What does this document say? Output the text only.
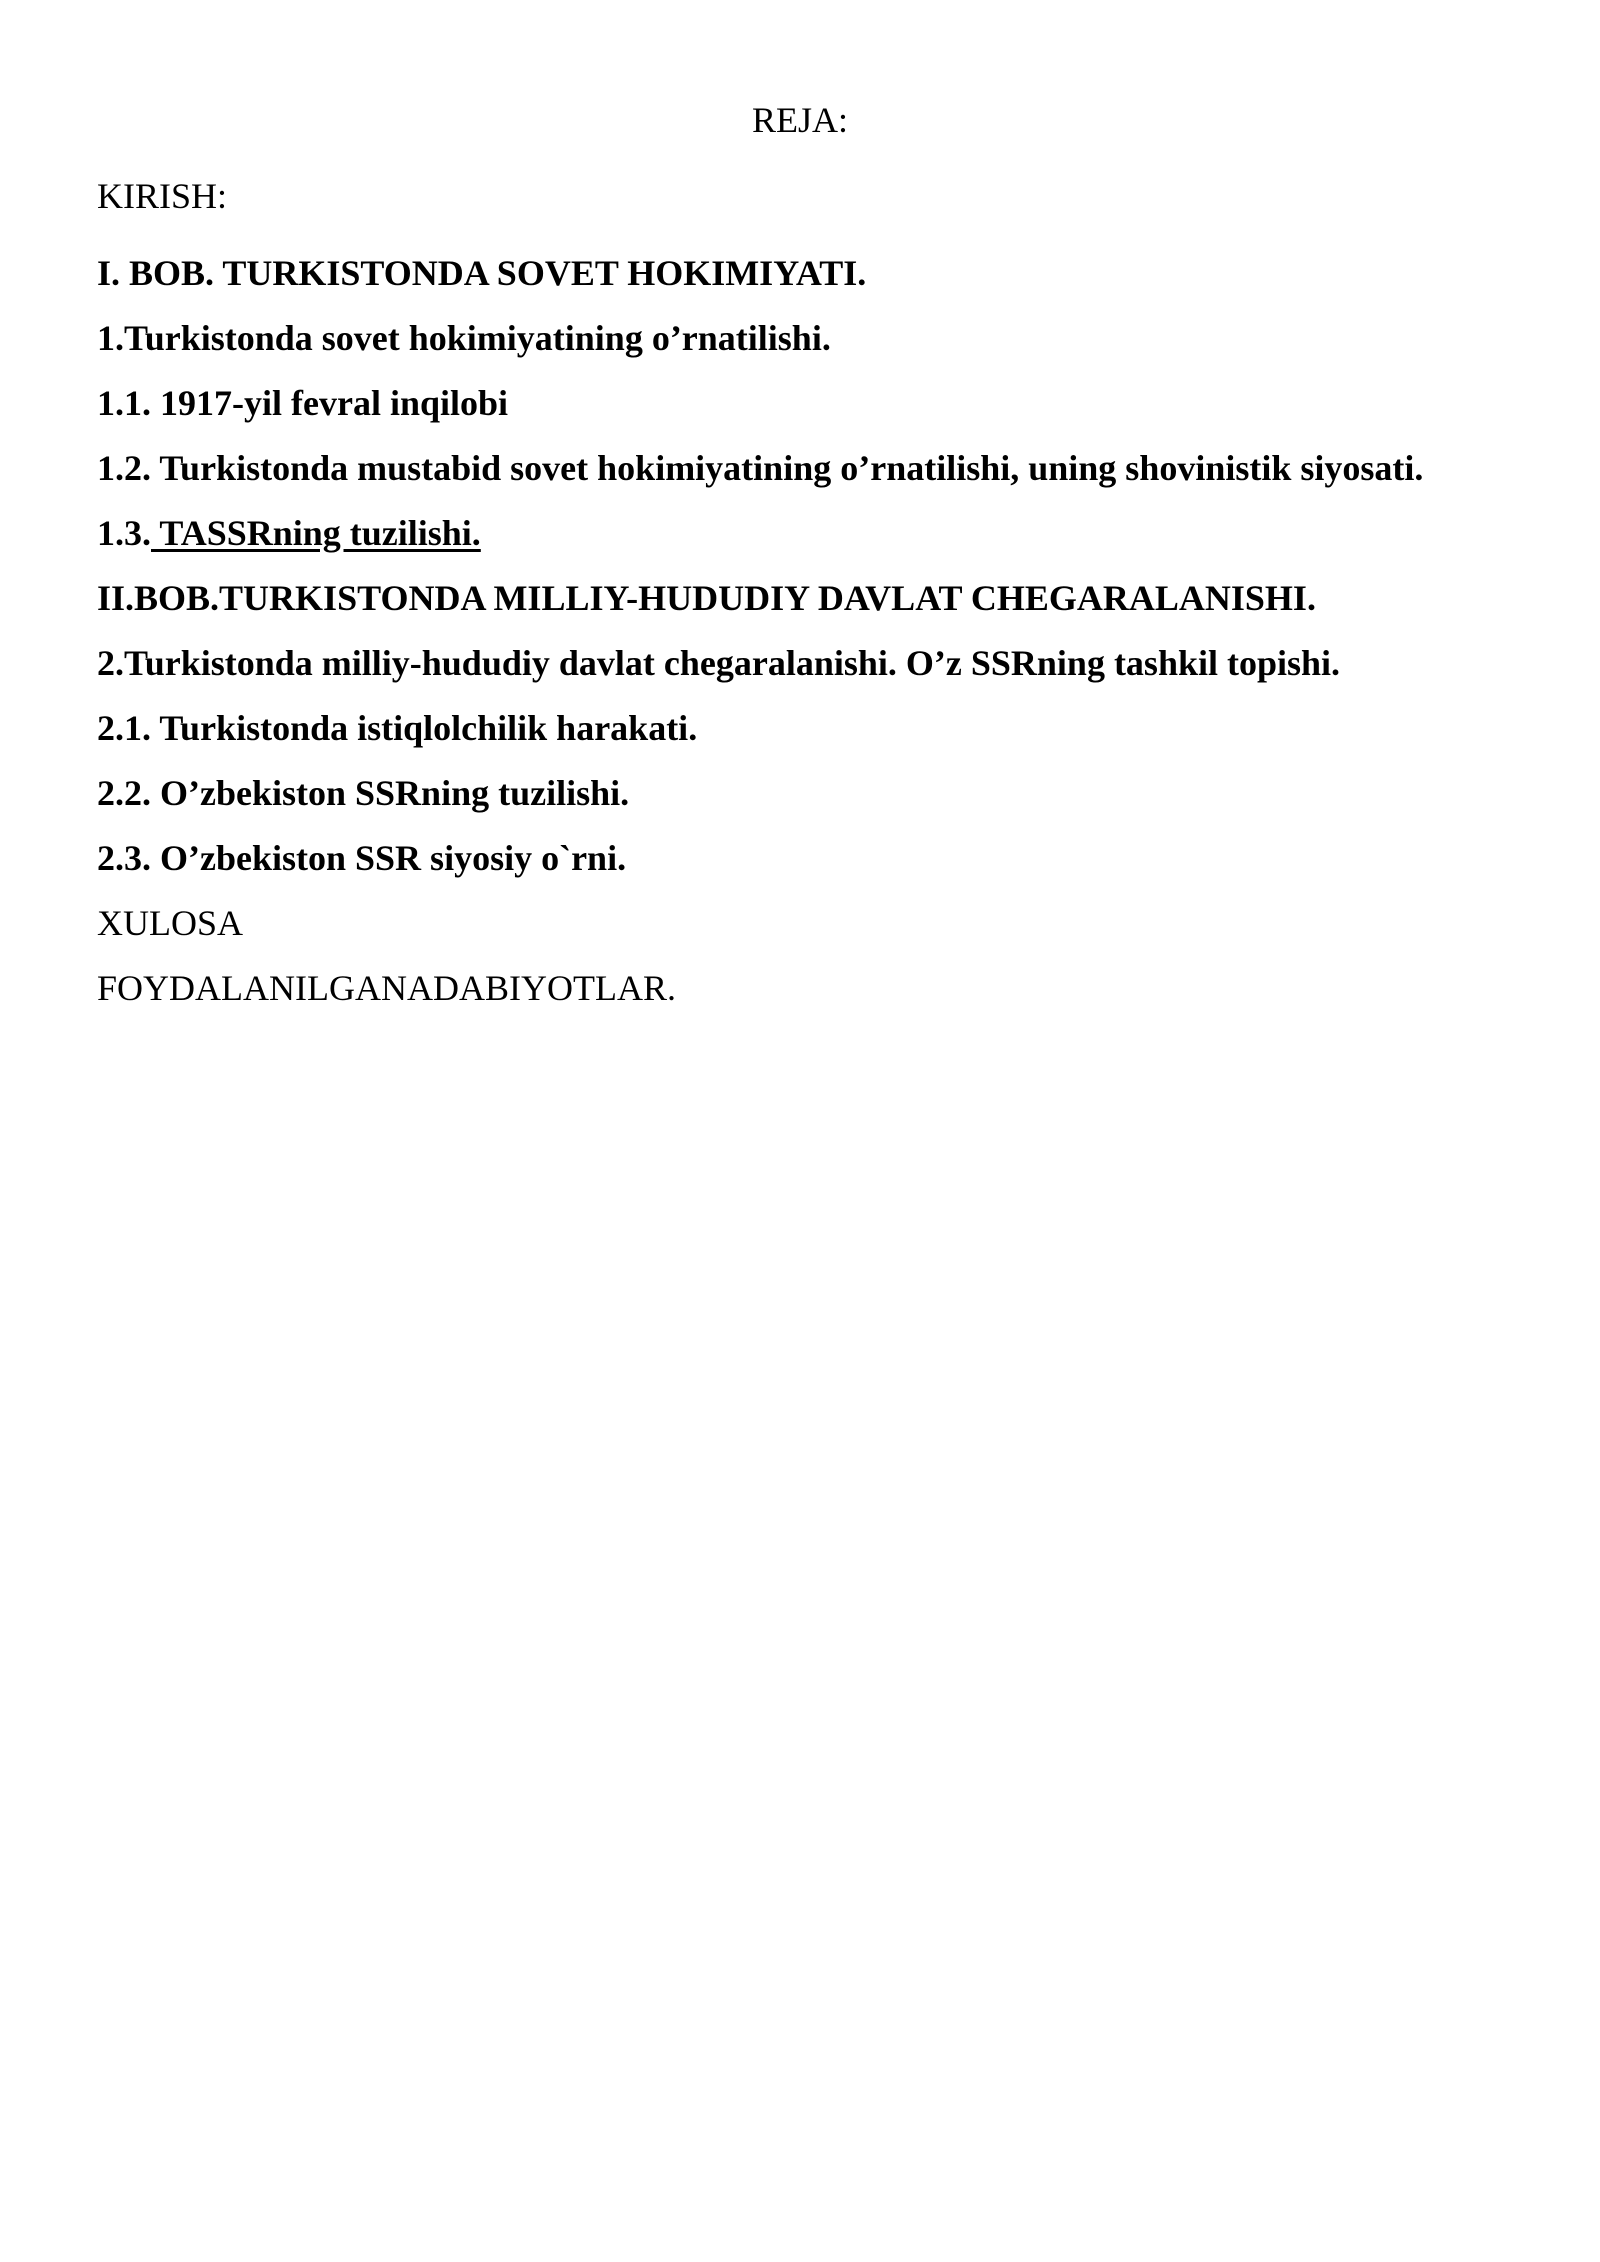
REJA:
KIRISH:
I. BOB. TURKISTONDA SOVET HOKIMIYATI.
1.Turkistonda sovet hokimiyatining o’rnatilishi.
1.1. 1917-yil fevral inqilobi
1.2. Turkistonda mustabid sovet hokimiyatining o’rnatilishi, uning shovinistik siyosati.
1.3. TASSRning tuzilishi.
II.BOB.TURKISTONDA MILLIY-HUDUDIY DAVLAT CHEGARALANISHI.
2.Turkistonda milliy-hududiy davlat chegaralanishi. O’z SSRning tashkil topishi.
2.1. Turkistonda istiqlolchilik harakati.
2.2. O’zbekiston SSRning tuzilishi.
2.3. O’zbekiston SSR siyosiy o`rni.
XULOSA
FOYDALANILGANADABIYOTLAR.
